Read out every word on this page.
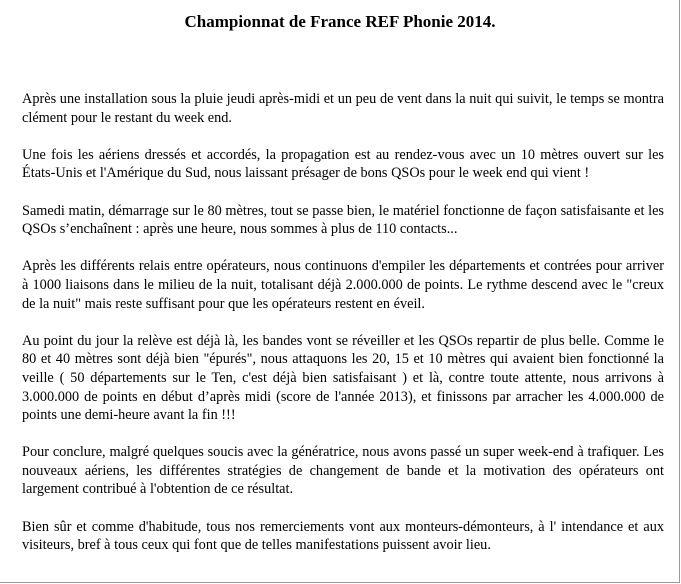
Championnat de France REF Phonie 2014.

Après une installation sous la pluie jeudi après-midi et un peu de vent dans la nuit qui suivit, le temps se montra clément pour le restant du week end.

Une fois les aériens dressés et accordés, la propagation est au rendez-vous avec un 10 mètres ouvert sur les États-Unis et l'Amérique du Sud, nous laissant présager de bons QSOs pour le week end qui vient !

Samedi matin, démarrage sur le 80 mètres, tout se passe bien, le matériel fonctionne de façon satisfaisante et les QSOs s’enchaînent : après une heure, nous sommes à plus de 110 contacts...

Après les différents relais entre opérateurs, nous continuons d'empiler les départements et contrées pour arriver à 1000 liaisons dans le milieu de la nuit, totalisant déjà 2.000.000 de points. Le rythme descend avec le "creux de la nuit" mais reste suffisant pour que les opérateurs restent en éveil.

Au point du jour la relève est déjà là, les bandes vont se réveiller et les QSOs repartir de plus belle. Comme le 80 et 40 mètres sont déjà bien "épurés", nous attaquons les 20, 15 et 10 mètres qui avaient bien fonctionné la veille ( 50 départements sur le Ten, c'est déjà bien satisfaisant ) et là, contre toute attente, nous arrivons à 3.000.000 de points en début d’après midi (score de l'année 2013), et finissons par arracher les 4.000.000 de points une demi-heure avant la fin !!!

Pour conclure, malgré quelques soucis avec la génératrice, nous avons passé un super week-end à trafiquer. Les nouveaux aériens, les différentes stratégies de changement de bande et la motivation des opérateurs ont largement contribué à l'obtention de ce résultat.

Bien sûr et comme d'habitude, tous nos remerciements vont aux monteurs-démonteurs, à l' intendance et aux visiteurs, bref à tous ceux qui font que de telles manifestations puissent avoir lieu.
